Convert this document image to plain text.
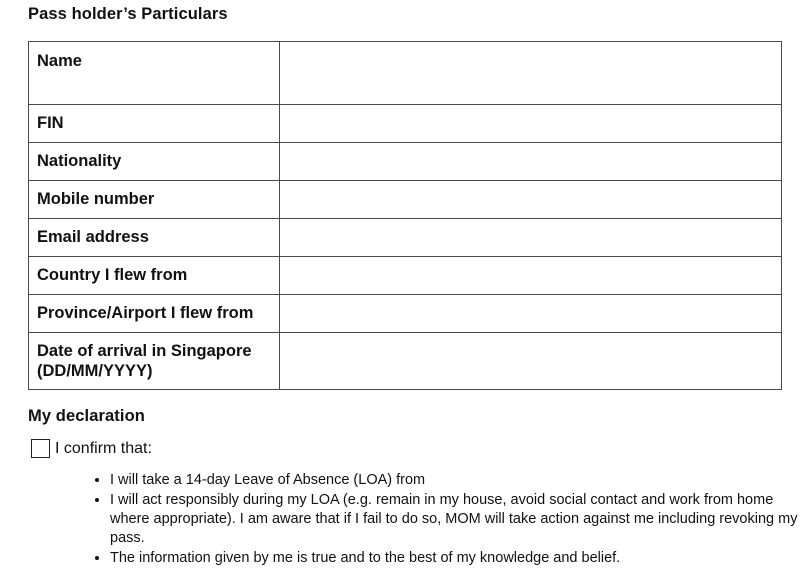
Pass holder’s Particulars
Name	
FIN	
Nationality	
Mobile number	
Email address	
Country I flew from	
Province/Airport I flew from	

Date of arrival in Singapore
(DD/MM/YYYY)	

My declaration
I confirm that:
• I will take a 14-day Leave of Absence (LOA) from
• I will act responsibly during my LOA (e.g. remain in my house, avoid social contact and work from home where appropriate). I am aware that if I fail to do so, MOM will take action against me including revoking my pass.
• The information given by me is true and to the best of my knowledge and belief.
